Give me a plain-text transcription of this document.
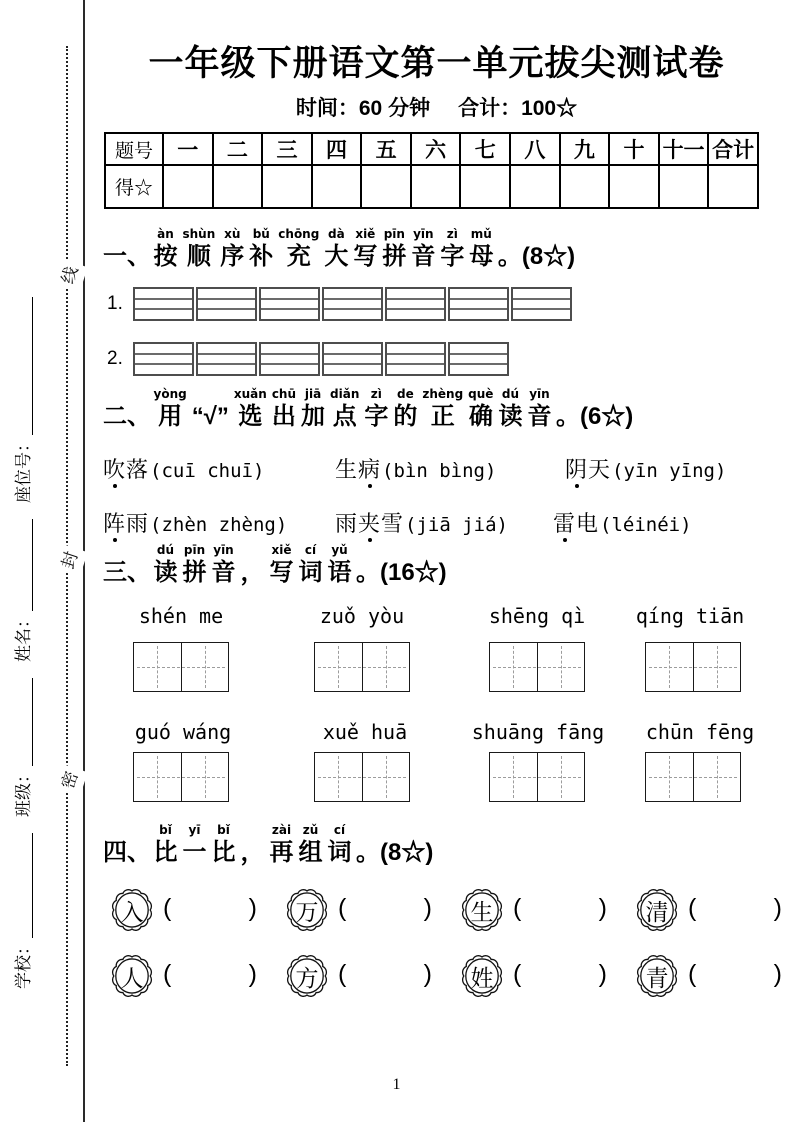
学校：班级：姓名：座位号：
线
封
密
一年级下册语文第一单元拔尖测试卷
时间：60 分钟 合计：100☆
题号	一	二	三	四	五	六	七	八	九	十	十一	合计
得☆												
一、
àn
按
shùn
顺
xù
序
bǔ
补
chōng
充
dà
大
xiě
写
pīn
拼
yīn
音
zì
字
mǔ
母 。(8☆)
1.
2.
二、
yòng
用 “√”
xuǎn
选
chū
出
jiā
加
diǎn
点
zì
字
de
的
zhèng
正
què
确
dú
读
yīn
音 。(6☆)
吹落(cuī chuī)	生病(bìn bìng)	阴天(yīn yīng)
阵雨(zhèn zhèng) 雨夹雪(jiā jiá) 雷电(léinéi)
三、
dú
读
pīn
拼
yīn
音 ，
xiě
写
cí
词
yǔ
语 。(16☆)
shén me	zuǒ yòu	shēng qì	qíng tiān
guó wáng	xuě huā	shuāng fāng	chūn fēng
四、
bǐ
比
yī
一
bǐ
比 ，
zài
再
zǔ
组
cí
词 。(8☆)
入 (	)	万 (	)	生 (	)	清 (	)
人 (	)	方 (	)	姓 (	)	青 (	)
1
